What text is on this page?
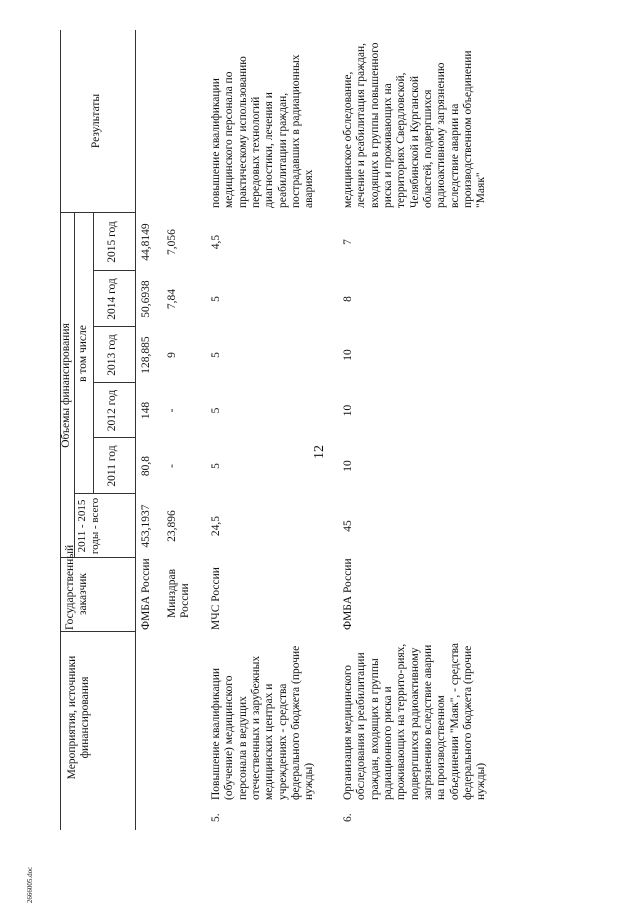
12
2666005.doc
Мероприятия, источники финансирования
Государственный заказчик
Объемы финансирования
2011 - 2015 годы - всего
в том числе
2011 год
2012 год
2013 год
2014 год
2015 год
Результаты
ФМБА России
453,1937
80,8
148
128,885
50,6938
44,8149
Минздрав России
23,896
-
-
9
7,84
7,056
5.
Повышение квалификации (обучение) медицинского персонала в ведущих отечественных и зарубежных медицинских центрах и учреждениях - средства федерального бюджета (прочие нужды)
МЧС России
24,5
5
5
5
5
4,5
повышение квалификации медицинского персонала по практическому использованию передовых технологий диагностики, лечения и реабилитации граждан, пострадавших в радиационных авариях
6.
Организация медицинского обследования и реабилитации граждан, входящих в группы радиационного риска и проживающих на террито-риях, подвергшихся радиоактивному загрязнению вследствие аварии на производственном объединении "Маяк", - средства федерального бюджета (прочие нужды)
ФМБА России
45
10
10
10
8
7
медицинское обследование, лечение и реабилитация граждан, входящих в группы повышенного риска и проживающих на территориях Свердловской, Челябинской и Курганской областей, подвергшихся радиоактивному загрязнению вследствие аварии на производственном объединении "Маяк"
